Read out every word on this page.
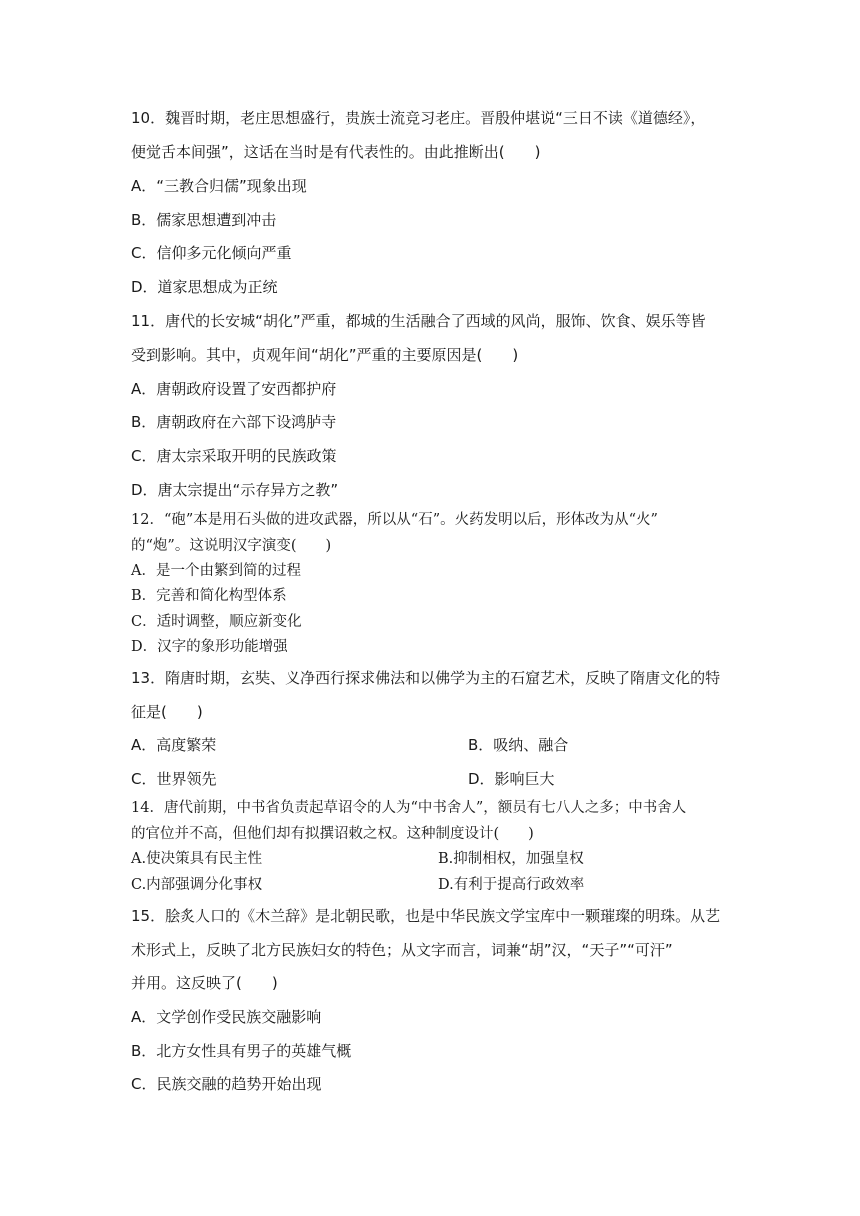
10．魏晋时期，老庄思想盛行，贵族士流竞习老庄。晋殷仲堪说“三日不读《道德经》，
便觉舌本间强”，这话在当时是有代表性的。由此推断出(　　)
A．“三教合归儒”现象出现
B．儒家思想遭到冲击
C．信仰多元化倾向严重
D．道家思想成为正统
11．唐代的长安城“胡化”严重，都城的生活融合了西域的风尚，服饰、饮食、娱乐等皆
受到影响。其中，贞观年间“胡化”严重的主要原因是(　　)
A．唐朝政府设置了安西都护府
B．唐朝政府在六部下设鸿胪寺
C．唐太宗采取开明的民族政策
D．唐太宗提出“示存异方之教”
12．“砲”本是用石头做的进攻武器，所以从“石”。火药发明以后，形体改为从“火”
的“炮”。这说明汉字演变(　　)
A．是一个由繁到简的过程
B．完善和简化构型体系
C．适时调整，顺应新变化
D．汉字的象形功能增强
13．隋唐时期，玄奘、义净西行探求佛法和以佛学为主的石窟艺术，反映了隋唐文化的特
征是(　　)
A．高度繁荣	B．吸纳、融合
C．世界领先	D．影响巨大
14．唐代前期，中书省负责起草诏令的人为“中书舍人”，额员有七八人之多；中书舍人
的官位并不高，但他们却有拟撰诏敕之权。这种制度设计(　　)
A.使决策具有民主性	B.抑制相权，加强皇权
C.内部强调分化事权	D.有利于提高行政效率
15．脍炙人口的《木兰辞》是北朝民歌，也是中华民族文学宝库中一颗璀璨的明珠。从艺
术形式上，反映了北方民族妇女的特色；从文字而言，词兼“胡”汉，“天子”“可汗”
并用。这反映了(　　)
A．文学创作受民族交融影响
B．北方女性具有男子的英雄气概
C．民族交融的趋势开始出现
